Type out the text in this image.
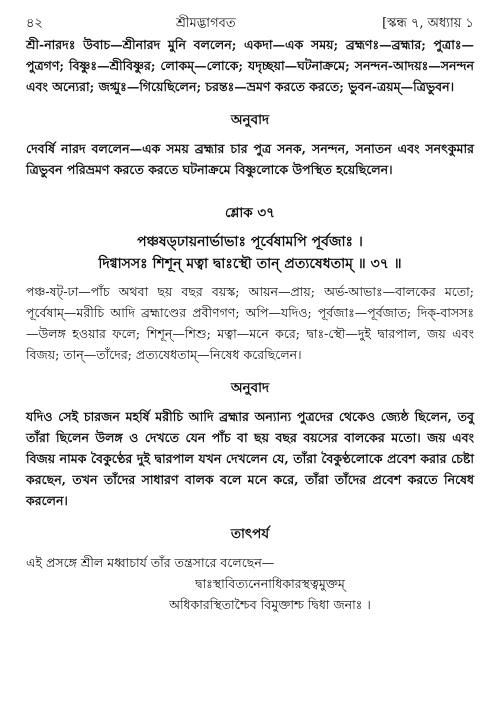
৪২	শ্রীমদ্ভাগবত	[স্কন্ধ ৭, অধ্যায় ১

শ্রী-নারদঃ উবাচ—শ্রীনারদ মুনি বললেন; একদা—এক সময়; ব্রহ্মণঃ—ব্রহ্মার; পুত্রাঃ—পুত্রগণ; বিষ্ণুঃ—শ্রীবিষ্ণুর; লোকম্—লোকে; যদৃচ্ছয়া—ঘটনাক্রমে; সনন্দন-আদয়ঃ—সনন্দন এবং অন্যেরা; জগ্মুঃ—গিয়েছিলেন; চরন্তঃ—ভ্রমণ করতে করতে; ভুবন-ত্রয়ম্—ত্রিভুবন।

অনুবাদ

দেবর্ষি নারদ বললেন—এক সময় ব্রহ্মার চার পুত্র সনক, সনন্দন, সনাতন এবং সনৎকুমার ত্রিভুবন পরিভ্রমণ করতে করতে ঘটনাক্রমে বিষ্ণুলোকে উপস্থিত হয়েছিলেন।

শ্লোক ৩৭
পঞ্চষড্ঢায়নার্ভাভাঃ পূর্বেষামপি পূর্বজাঃ ।
দিগ্বাসসঃ শিশূন্ মত্বা দ্বাঃস্থৌ তান্ প্রত্যষেধতাম্ ॥ ৩৭ ॥

পঞ্চ-ষট্-ঢা—পাঁচ অথবা ছয় বছর বয়স্ক; আয়ন—প্রায়; অর্ভ-আভাঃ—বালকের মতো; পূর্বেষাম্—মরীচি আদি ব্রহ্মাণ্ডের প্রবীণগণ; অপি—যদিও; পূর্বজাঃ—পূর্বজাত; দিক্-বাসসঃ—উলঙ্গ হওয়ার ফলে; শিশূন্—শিশু; মত্বা—মনে করে; দ্বাঃ-স্থৌ—দুই দ্বারপাল, জয় এবং বিজয়; তান্—তাঁদের; প্রত্যষেধতাম্—নিষেধ করেছিলেন।

অনুবাদ

যদিও সেই চারজন মহর্ষি মরীচি আদি ব্রহ্মার অন্যান্য পুত্রদের থেকেও জ্যেষ্ঠ ছিলেন, তবু তাঁরা ছিলেন উলঙ্গ ও দেখতে যেন পাঁচ বা ছয় বছর বয়সের বালকের মতো। জয় এবং বিজয় নামক বৈকুণ্ঠের দুই দ্বারপাল যখন দেখলেন যে, তাঁরা বৈকুণ্ঠলোকে প্রবেশ করার চেষ্টা করছেন, তখন তাঁদের সাধারণ বালক বলে মনে করে, তাঁরা তাঁদের প্রবেশ করতে নিষেধ করলেন।

তাৎপর্য

এই প্রসঙ্গে শ্রীল মধ্বাচার্য তাঁর তন্ত্রসারে বলেছেন—

দ্বাঃস্থাবিত্যনেনাধিকারস্থত্বমুক্তম্
অধিকারস্থিতাশ্চৈব বিমুক্তাশ্চ দ্বিধা জনাঃ ।
